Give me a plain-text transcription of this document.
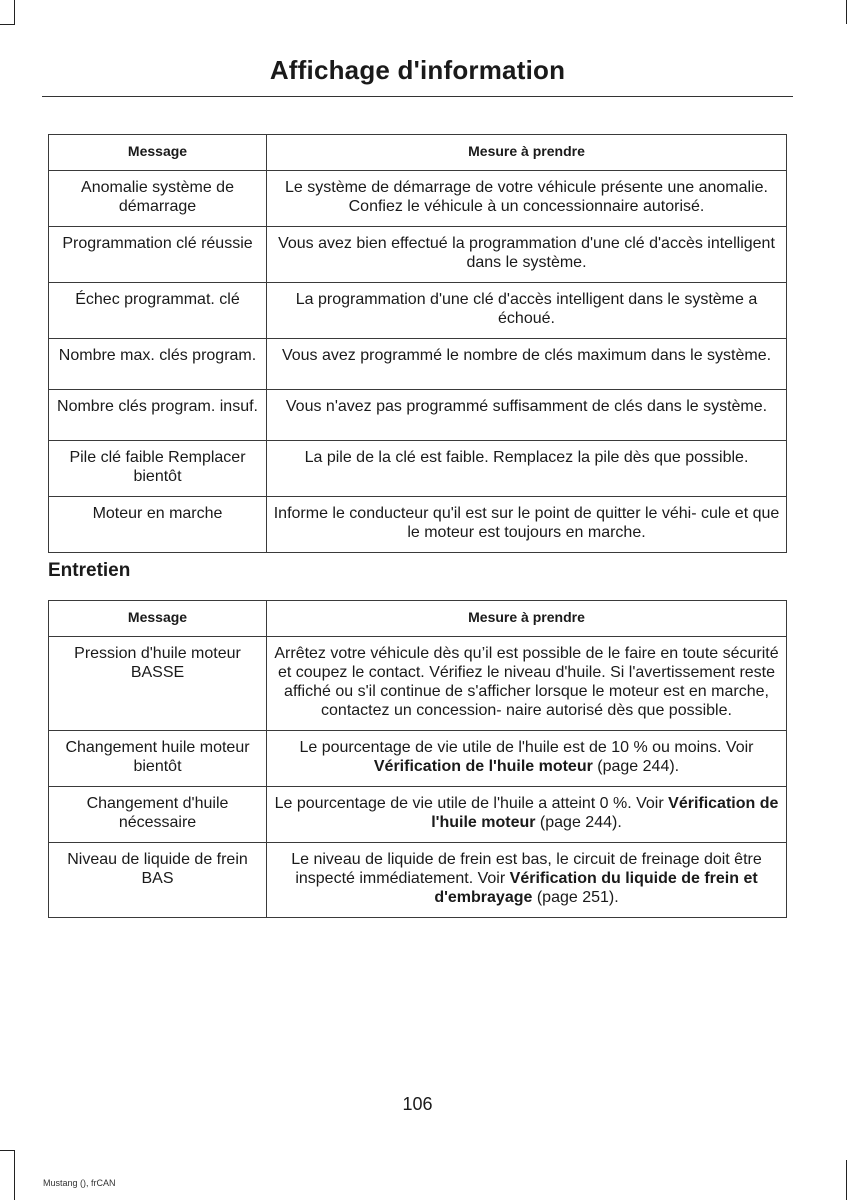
Affichage d'information
Message	Mesure à prendre
Anomalie système de démarrage	Le système de démarrage de votre véhicule présente une anomalie. Confiez le véhicule à un concessionnaire autorisé.
Programmation clé réussie	Vous avez bien effectué la programmation d'une clé d'accès intelligent dans le système.
Échec programmat. clé	La programmation d'une clé d'accès intelligent dans le système a échoué.
Nombre max. clés program.	Vous avez programmé le nombre de clés maximum dans le système.
Nombre clés program. insuf.	Vous n'avez pas programmé suffisamment de clés dans le système.
Pile clé faible Remplacer bientôt	La pile de la clé est faible. Remplacez la pile dès que possible.
Moteur en marche	Informe le conducteur qu'il est sur le point de quitter le véhi- cule et que le moteur est toujours en marche.
Entretien
Message	Mesure à prendre
Pression d'huile moteur BASSE	Arrêtez votre véhicule dès qu’il est possible de le faire en toute sécurité et coupez le contact. Vérifiez le niveau d'huile. Si l'avertissement reste affiché ou s'il continue de s'afficher lorsque le moteur est en marche, contactez un concession- naire autorisé dès que possible.
Changement huile moteur bientôt	Le pourcentage de vie utile de l'huile est de 10 % ou moins. Voir Vérification de l'huile moteur (page 244).
Changement d'huile nécessaire	Le pourcentage de vie utile de l'huile a atteint 0 %. Voir Vérification de l'huile moteur (page 244).
Niveau de liquide de frein BAS	Le niveau de liquide de frein est bas, le circuit de freinage doit être inspecté immédiatement. Voir Vérification du liquide de frein et d'embrayage (page 251).
106
Mustang (), frCAN
